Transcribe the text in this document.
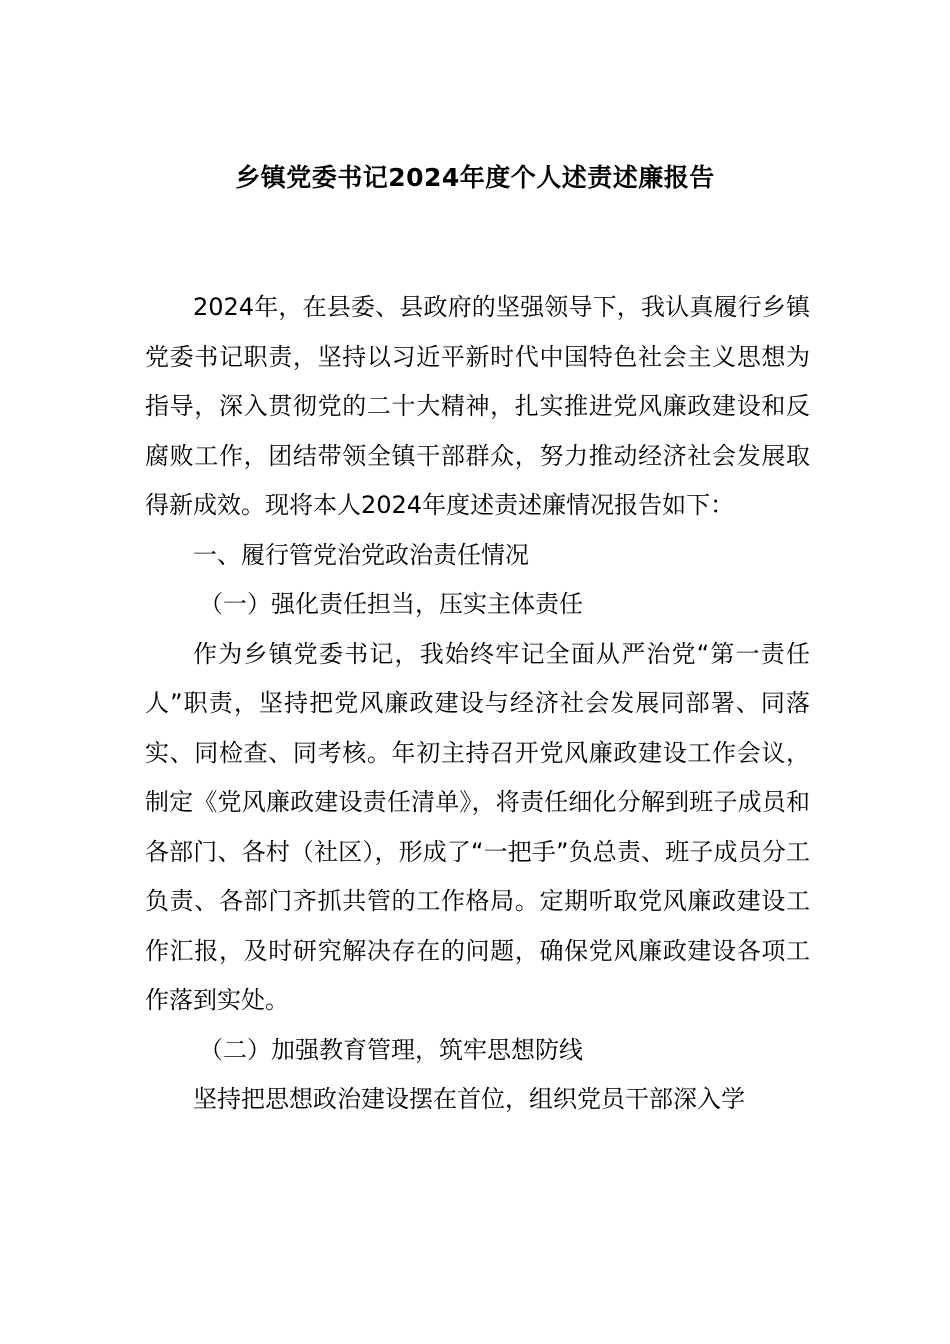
乡镇党委书记2024年度个人述责述廉报告

2024年，在县委、县政府的坚强领导下，我认真履行乡镇党委书记职责，坚持以习近平新时代中国特色社会主义思想为指导，深入贯彻党的二十大精神，扎实推进党风廉政建设和反腐败工作，团结带领全镇干部群众，努力推动经济社会发展取得新成效。现将本人2024年度述责述廉情况报告如下：

一、履行管党治党政治责任情况

（一）强化责任担当，压实主体责任

作为乡镇党委书记，我始终牢记全面从严治党“第一责任人”职责，坚持把党风廉政建设与经济社会发展同部署、同落实、同检查、同考核。年初主持召开党风廉政建设工作会议，制定《党风廉政建设责任清单》，将责任细化分解到班子成员和各部门、各村（社区），形成了“一把手”负总责、班子成员分工负责、各部门齐抓共管的工作格局。定期听取党风廉政建设工作汇报，及时研究解决存在的问题，确保党风廉政建设各项工作落到实处。

（二）加强教育管理，筑牢思想防线

坚持把思想政治建设摆在首位，组织党员干部深入学
